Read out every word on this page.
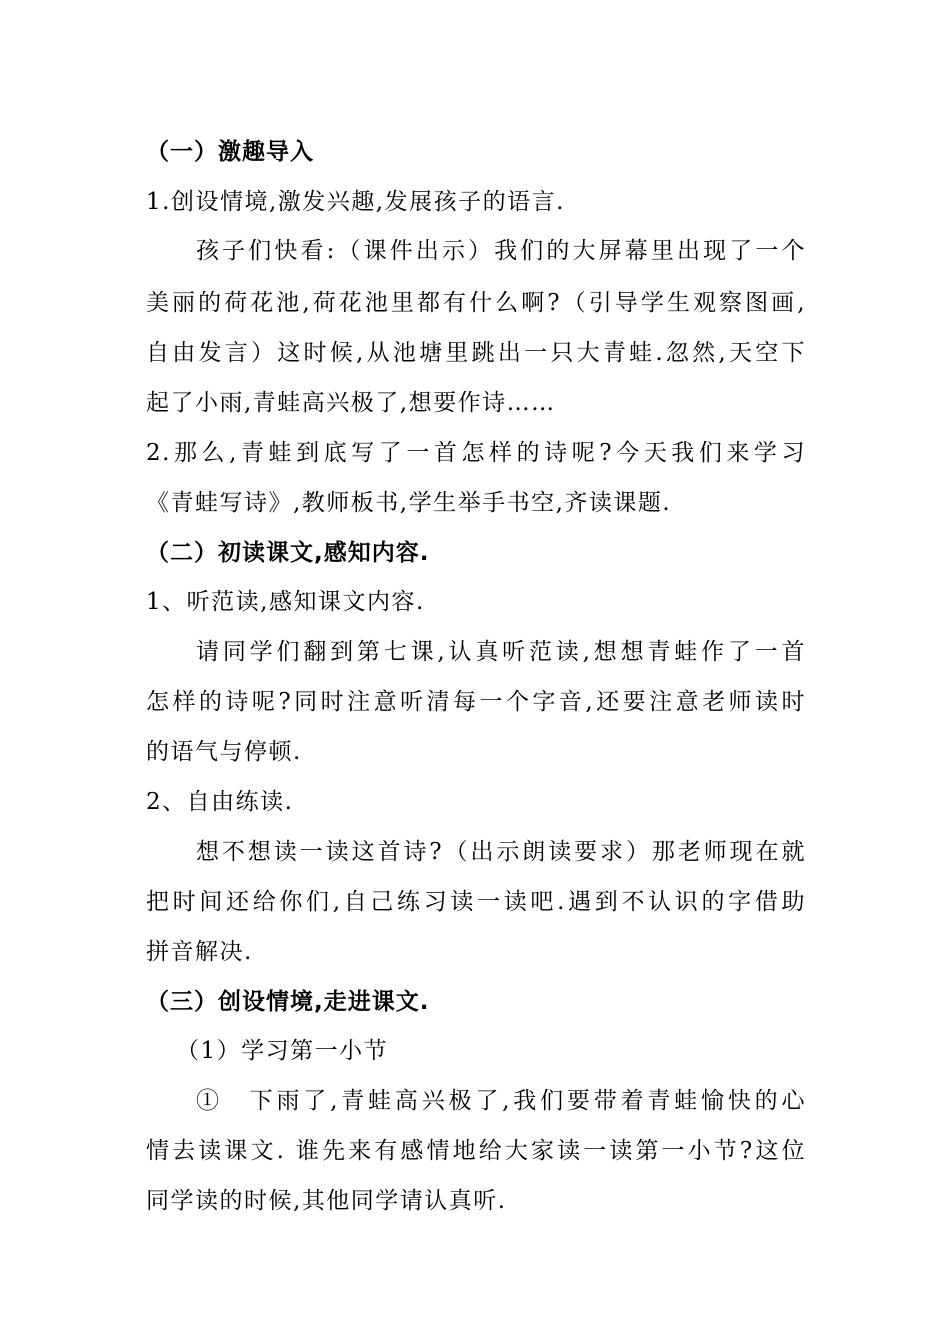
（一）激趣导入
1.创设情境,激发兴趣,发展孩子的语言.
孩子们快看:（课件出示）我们的大屏幕里出现了一个
美丽的荷花池,荷花池里都有什么啊?（引导学生观察图画,
自由发言）这时候,从池塘里跳出一只大青蛙.忽然,天空下
起了小雨,青蛙高兴极了,想要作诗……
2.那么,青蛙到底写了一首怎样的诗呢?今天我们来学习
《青蛙写诗》,教师板书,学生举手书空,齐读课题.
（二）初读课文,感知内容.
1、听范读,感知课文内容.
请同学们翻到第七课,认真听范读,想想青蛙作了一首
怎样的诗呢?同时注意听清每一个字音,还要注意老师读时
的语气与停顿.
2、自由练读.
想不想读一读这首诗?（出示朗读要求）那老师现在就
把时间还给你们,自己练习读一读吧.遇到不认识的字借助
拼音解决.
（三）创设情境,走进课文.
（1）学习第一小节
①　下雨了,青蛙高兴极了,我们要带着青蛙愉快的心
情去读课文. 谁先来有感情地给大家读一读第一小节?这位
同学读的时候,其他同学请认真听.
